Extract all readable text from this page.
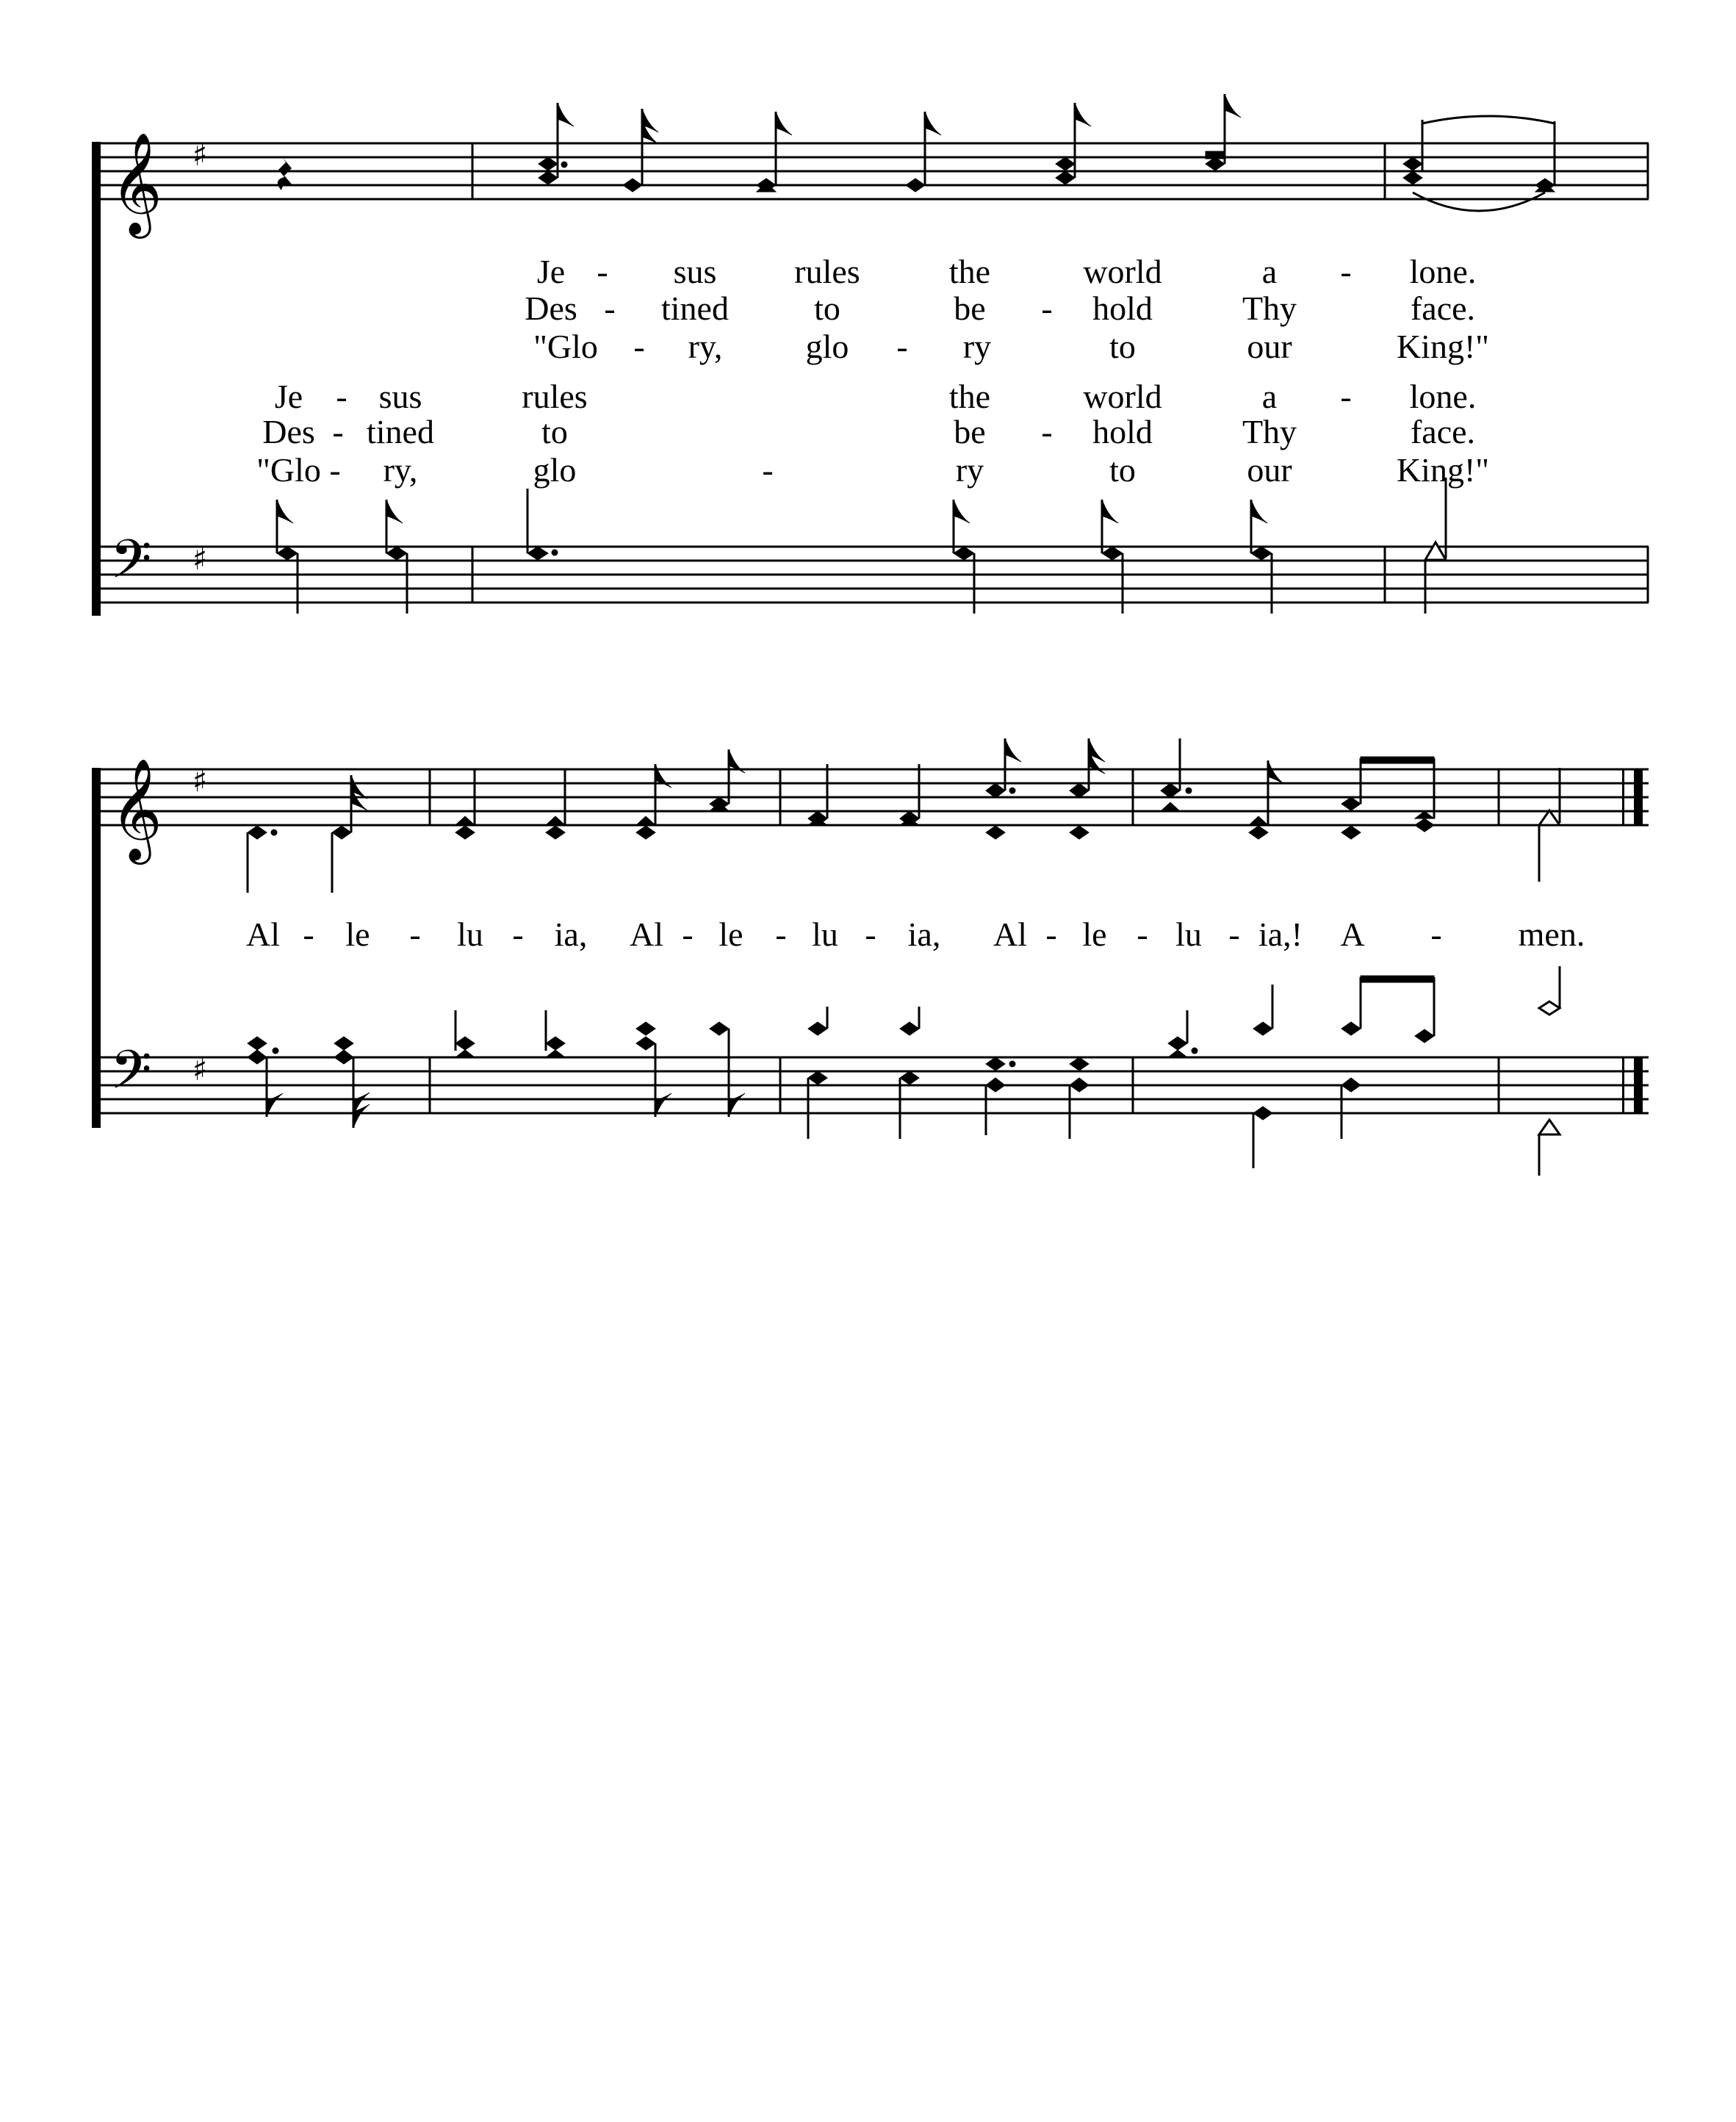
𝄞 ♯
𝄢 ♯
Je - sus rules	the	world	a - lone.
Des - tined	to	be - hold	Thy	face.
"Glo - ry, glo - ry	to	our	King!"
Je - sus	rules	the	world	a - lone.
Des - tined	to	be - hold	Thy	face.
"Glo - ry,	glo	-	ry	to	our	King!"
𝄞 ♯
𝄢 ♯
Al - le - lu - ia, Al - le - lu - ia, Al - le - lu - ia,! A - men.
